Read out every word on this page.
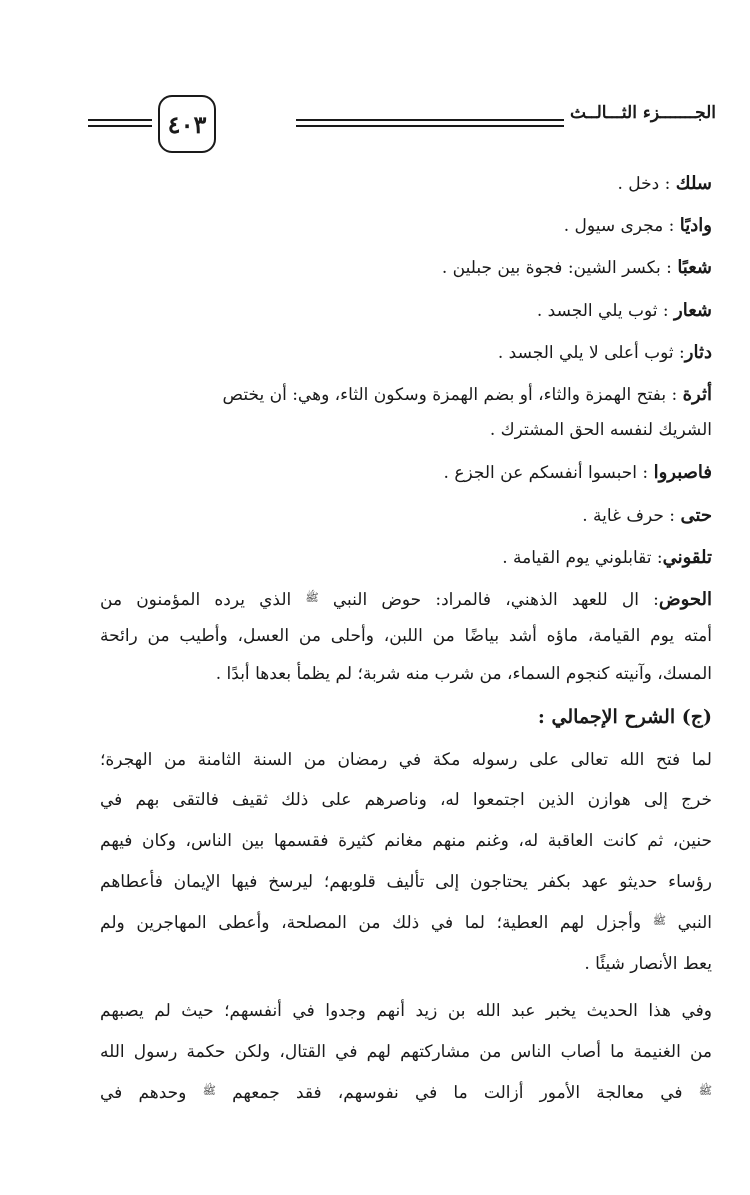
الجـــــــزء الثـــالــث
٤٠٣
سلك : دخل .
واديًا : مجرى سيول .
شعبًا : بكسر الشين: فجوة بين جبلين .
شعار : ثوب يلي الجسد .
دثار: ثوب أعلى لا يلي الجسد .
أثرة : بفتح الهمزة والثاء، أو بضم الهمزة وسكون الثاء، وهي: أن يختص
الشريك لنفسه الحق المشترك .
فاصبروا : احبسوا أنفسكم عن الجزع .
حتى : حرف غاية .
تلقوني: تقابلوني يوم القيامة .
الحوض: ال للعهد الذهني، فالمراد: حوض النبي $^ﷺ$ الذي يرده المؤمنون من
أمته يوم القيامة، ماؤه أشد بياضًا من اللبن، وأحلى من العسل، وأطيب من رائحة
المسك، وآنيته كنجوم السماء، من شرب منه شربة؛ لم يظمأ بعدها أبدًا .
(ج) الشرح الإجمالي :
لما فتح الله تعالى على رسوله مكة في رمضان من السنة الثامنة من الهجرة؛
خرج إلى هوازن الذين اجتمعوا له، وناصرهم على ذلك ثقيف فالتقى بهم في
حنين، ثم كانت العاقبة له، وغنم منهم مغانم كثيرة فقسمها بين الناس، وكان فيهم
رؤساء حديثو عهد بكفر يحتاجون إلى تأليف قلوبهم؛ ليرسخ فيها الإيمان فأعطاهم
النبي $^ﷺ$ وأجزل لهم العطية؛ لما في ذلك من المصلحة، وأعطى المهاجرين ولم
يعط الأنصار شيئًا .
وفي هذا الحديث يخبر عبد الله بن زيد أنهم وجدوا في أنفسهم؛ حيث لم يصبهم
من الغنيمة ما أصاب الناس من مشاركتهم لهم في القتال، ولكن حكمة رسول الله
$^ﷺ$ في معالجة الأمور أزالت ما في نفوسهم، فقد جمعهم $^ﷺ$ وحدهم في
